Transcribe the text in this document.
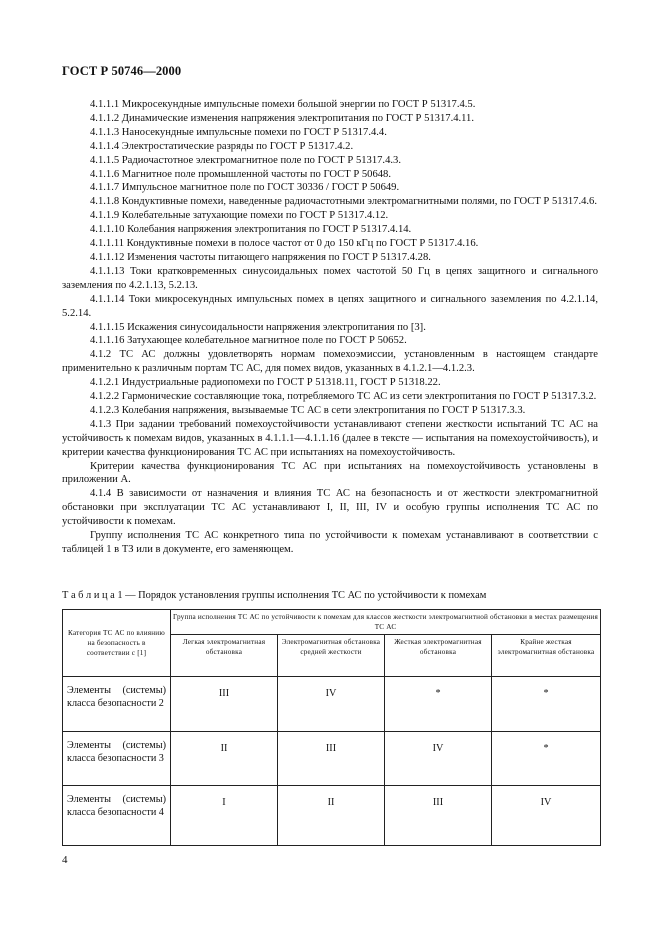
ГОСТ Р 50746—2000

4.1.1.1 Микросекундные импульсные помехи большой энергии по ГОСТ Р 51317.4.5.

4.1.1.2 Динамические изменения напряжения электропитания по ГОСТ Р 51317.4.11.

4.1.1.3 Наносекундные импульсные помехи по ГОСТ Р 51317.4.4.

4.1.1.4 Электростатические разряды по ГОСТ Р 51317.4.2.

4.1.1.5 Радиочастотное электромагнитное поле по ГОСТ Р 51317.4.3.

4.1.1.6 Магнитное поле промышленной частоты по ГОСТ Р 50648.

4.1.1.7 Импульсное магнитное поле по ГОСТ 30336 / ГОСТ Р 50649.

4.1.1.8 Кондуктивные помехи, наведенные радиочастотными электромагнитными полями, по ГОСТ Р 51317.4.6.

4.1.1.9 Колебательные затухающие помехи по ГОСТ Р 51317.4.12.

4.1.1.10 Колебания напряжения электропитания по ГОСТ Р 51317.4.14.

4.1.1.11 Кондуктивные помехи в полосе частот от 0 до 150 кГц по ГОСТ Р 51317.4.16.

4.1.1.12 Изменения частоты питающего напряжения по ГОСТ Р 51317.4.28.

4.1.1.13 Токи кратковременных синусоидальных помех частотой 50 Гц в цепях защитного и сигнального заземления по 4.2.1.13, 5.2.13.

4.1.1.14 Токи микросекундных импульсных помех в цепях защитного и сигнального заземления по 4.2.1.14, 5.2.14.

4.1.1.15 Искажения синусоидальности напряжения электропитания по [3].

4.1.1.16 Затухающее колебательное магнитное поле по ГОСТ Р 50652.

4.1.2 ТС АС должны удовлетворять нормам помехоэмиссии, установленным в настоящем стандарте применительно к различным портам ТС АС, для помех видов, указанных в 4.1.2.1—4.1.2.3.

4.1.2.1 Индустриальные радиопомехи по ГОСТ Р 51318.11, ГОСТ Р 51318.22.

4.1.2.2 Гармонические составляющие тока, потребляемого ТС АС из сети электропитания по ГОСТ Р 51317.3.2.

4.1.2.3 Колебания напряжения, вызываемые ТС АС в сети электропитания по ГОСТ Р 51317.3.3.

4.1.3 При задании требований помехоустойчивости устанавливают степени жесткости испытаний ТС АС на устойчивость к помехам видов, указанных в 4.1.1.1—4.1.1.16 (далее в тексте — испытания на помехоустойчивость), и критерии качества функционирования ТС АС при испытаниях на помехоустойчивость.

Критерии качества функционирования ТС АС при испытаниях на помехоустойчивость установлены в приложении А.

4.1.4 В зависимости от назначения и влияния ТС АС на безопасность и от жесткости электромагнитной обстановки при эксплуатации ТС АС устанавливают I, II, III, IV и особую группы исполнения ТС АС по устойчивости к помехам.

Группу исполнения ТС АС конкретного типа по устойчивости к помехам устанавливают в соответствии с таблицей 1 в ТЗ или в документе, его заменяющем.

Т а б л и ц а 1 — Порядок установления группы исполнения ТС АС по устойчивости к помехам
Категория ТС АС по влиянию на безопасность в соответствии с [1]	Группа исполнения ТС АС по устойчивости к помехам для классов жесткости электромагнитной обстановки в местах размещения ТС АС			
	Легкая электромагнитная обстановка	Электромагнитная обстановка средней жесткости	Жесткая электромагнитная обстановка	Крайне жесткая электромагнитная обстановка
Элементы (системы) класса безопасности 2	III	IV	*	*
Элементы (системы) класса безопасности 3	II	III	IV	*
Элементы (системы) класса безопасности 4	I	II	III	IV
4
